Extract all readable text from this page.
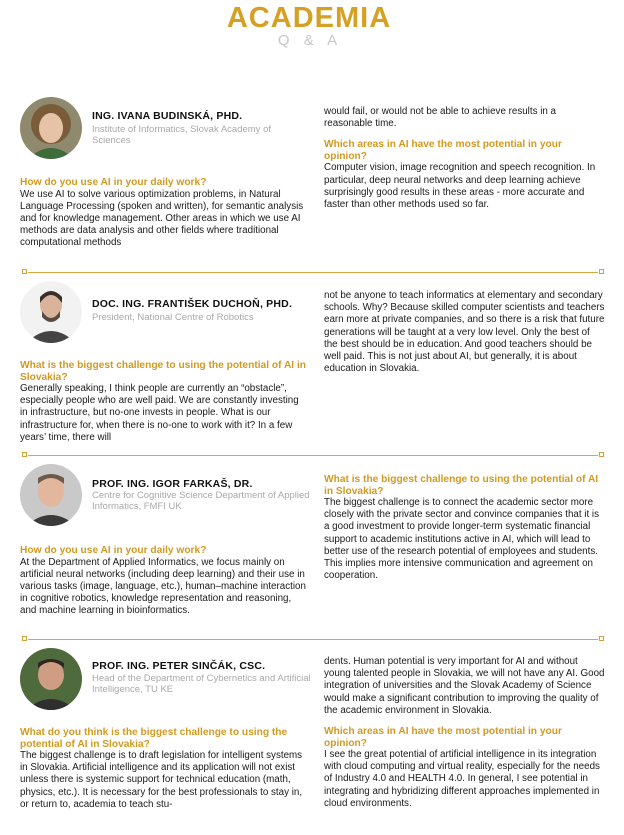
ACADEMIA
Q & A
ING. IVANA BUDINSKÁ, PHD.
Institute of Informatics, Slovak Academy of Sciences

How do you use AI in your daily work?

We use AI to solve various optimization problems, in Natural Language Processing (spoken and written), for semantic analysis and for knowledge management. Other areas in which we use AI methods are data analysis and other fields where traditional computational methods

would fail, or would not be able to achieve results in a reasonable time.

Which areas in AI have the most potential in your opinion?

Computer vision, image recognition and speech recognition. In particular, deep neural networks and deep learning achieve surprisingly good results in these areas - more accurate and faster than other methods used so far.

DOC. ING. FRANTIŠEK DUCHOŇ, PHD.
President, National Centre of Robotics

What is the biggest challenge to using the potential of AI in Slovakia?

Generally speaking, I think people are currently an “obstacle”, especially people who are well paid. We are constantly investing in infrastructure, but no-one invests in people. What is our infrastructure for, when there is no-one to work with it? In a few years’ time, there will

not be anyone to teach informatics at elementary and secondary schools. Why? Because skilled computer scientists and teachers earn more at private companies, and so there is a risk that future generations will be taught at a very low level. Only the best of the best should be in education. And good teachers should be well paid. This is not just about AI, but generally, it is about education in Slovakia.

PROF. ING. IGOR FARKAŠ, DR.
Centre for Cognitive Science Department of Applied Informatics, FMFI UK

How do you use AI in your daily work?

At the Department of Applied Informatics, we focus mainly on artificial neural networks (including deep learning) and their use in various tasks (image, language, etc.), human–machine interaction in cognitive robotics, knowledge representation and reasoning, and machine learning in bioinformatics.

What is the biggest challenge to using the potential of AI in Slovakia?

The biggest challenge is to connect the academic sector more closely with the private sector and convince companies that it is a good investment to provide longer-term systematic financial support to academic institutions active in AI, which will lead to better use of the research potential of employees and students. This implies more intensive communication and agreement on cooperation.

PROF. ING. PETER SINČÁK, CSC.
Head of the Department of Cybernetics and Artificial Intelligence, TU KE

What do you think is the biggest challenge to using the potential of AI in Slovakia?

The biggest challenge is to draft legislation for intelligent systems in Slovakia. Artificial intelligence and its application will not exist unless there is systemic support for technical education (math, physics, etc.). It is necessary for the best professionals to stay in, or return to, academia to teach stu-

dents. Human potential is very important for AI and without young talented people in Slovakia, we will not have any AI. Good integration of universities and the Slovak Academy of Science would make a significant contribution to improving the quality of the academic environment in Slovakia.

Which areas in AI have the most potential in your opinion?

I see the great potential of artificial intelligence in its integration with cloud computing and virtual reality, especially for the needs of Industry 4.0 and HEALTH 4.0. In general, I see potential in integrating and hybridizing different approaches implemented in cloud environments.
